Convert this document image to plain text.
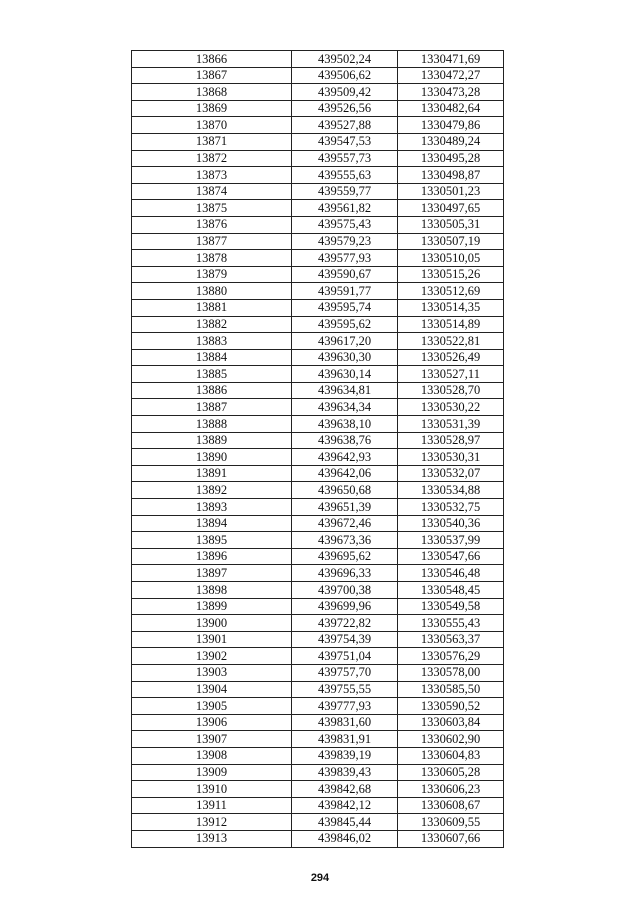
13866	439502,24	1330471,69
13867	439506,62	1330472,27
13868	439509,42	1330473,28
13869	439526,56	1330482,64
13870	439527,88	1330479,86
13871	439547,53	1330489,24
13872	439557,73	1330495,28
13873	439555,63	1330498,87
13874	439559,77	1330501,23
13875	439561,82	1330497,65
13876	439575,43	1330505,31
13877	439579,23	1330507,19
13878	439577,93	1330510,05
13879	439590,67	1330515,26
13880	439591,77	1330512,69
13881	439595,74	1330514,35
13882	439595,62	1330514,89
13883	439617,20	1330522,81
13884	439630,30	1330526,49
13885	439630,14	1330527,11
13886	439634,81	1330528,70
13887	439634,34	1330530,22
13888	439638,10	1330531,39
13889	439638,76	1330528,97
13890	439642,93	1330530,31
13891	439642,06	1330532,07
13892	439650,68	1330534,88
13893	439651,39	1330532,75
13894	439672,46	1330540,36
13895	439673,36	1330537,99
13896	439695,62	1330547,66
13897	439696,33	1330546,48
13898	439700,38	1330548,45
13899	439699,96	1330549,58
13900	439722,82	1330555,43
13901	439754,39	1330563,37
13902	439751,04	1330576,29
13903	439757,70	1330578,00
13904	439755,55	1330585,50
13905	439777,93	1330590,52
13906	439831,60	1330603,84
13907	439831,91	1330602,90
13908	439839,19	1330604,83
13909	439839,43	1330605,28
13910	439842,68	1330606,23
13911	439842,12	1330608,67
13912	439845,44	1330609,55
13913	439846,02	1330607,66
294
